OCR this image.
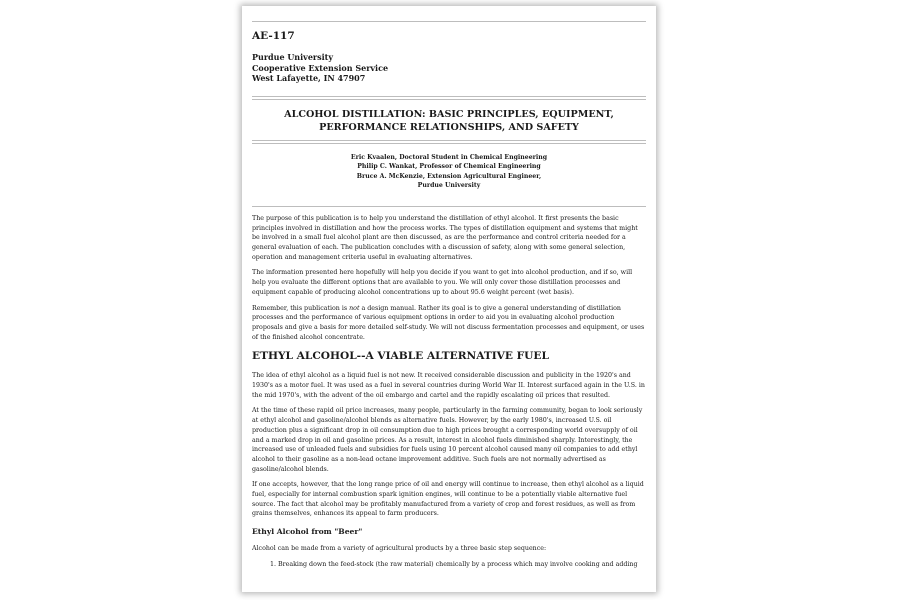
AE-117
Purdue University
Cooperative Extension Service
West Lafayette, IN 47907
ALCOHOL DISTILLATION: BASIC PRINCIPLES, EQUIPMENT, PERFORMANCE RELATIONSHIPS, AND SAFETY
Eric Kvaalen, Doctoral Student in Chemical Engineering
Philip C. Wankat, Professor of Chemical Engineering
Bruce A. McKenzie, Extension Agricultural Engineer,
Purdue University

The purpose of this publication is to help you understand the distillation of ethyl alcohol. It first presents the basic principles involved in distillation and how the process works. The types of distillation equipment and systems that might be involved in a small fuel alcohol plant are then discussed, as are the performance and control criteria needed for a general evaluation of each. The publication concludes with a discussion of safety, along with some general selection, operation and management criteria useful in evaluating alternatives.

The information presented here hopefully will help you decide if you want to get into alcohol production, and if so, will help you evaluate the different options that are available to you. We will only cover those distillation processes and equipment capable of producing alcohol concentrations up to about 95.6 weight percent (wet basis).

Remember, this publication is not a design manual. Rather its goal is to give a general understanding of distillation processes and the performance of various equipment options in order to aid you in evaluating alcohol production proposals and give a basis for more detailed self-study. We will not discuss fermentation processes and equipment, or uses of the finished alcohol concentrate.

ETHYL ALCOHOL--A VIABLE ALTERNATIVE FUEL

The idea of ethyl alcohol as a liquid fuel is not new. It received considerable discussion and publicity in the 1920's and 1930's as a motor fuel. It was used as a fuel in several countries during World War II. Interest surfaced again in the U.S. in the mid 1970's, with the advent of the oil embargo and cartel and the rapidly escalating oil prices that resulted.

At the time of these rapid oil price increases, many people, particularly in the farming community, began to look seriously at ethyl alcohol and gasoline/alcohol blends as alternative fuels. However, by the early 1980's, increased U.S. oil production plus a significant drop in oil consumption due to high prices brought a corresponding world oversupply of oil and a marked drop in oil and gasoline prices. As a result, interest in alcohol fuels diminished sharply. Interestingly, the increased use of unleaded fuels and subsidies for fuels using 10 percent alcohol caused many oil companies to add ethyl alcohol to their gasoline as a non-lead octane improvement additive. Such fuels are not normally advertised as gasoline/alcohol blends.

If one accepts, however, that the long range price of oil and energy will continue to increase, then ethyl alcohol as a liquid fuel, especially for internal combustion spark ignition engines, will continue to be a potentially viable alternative fuel source. The fact that alcohol may be profitably manufactured from a variety of crop and forest residues, as well as from grains themselves, enhances its appeal to farm producers.

Ethyl Alcohol from "Beer"

Alcohol can be made from a variety of agricultural products by a three basic step sequence:

1. Breaking down the feed-stock (the raw material) chemically by a process which may involve cooking and adding
